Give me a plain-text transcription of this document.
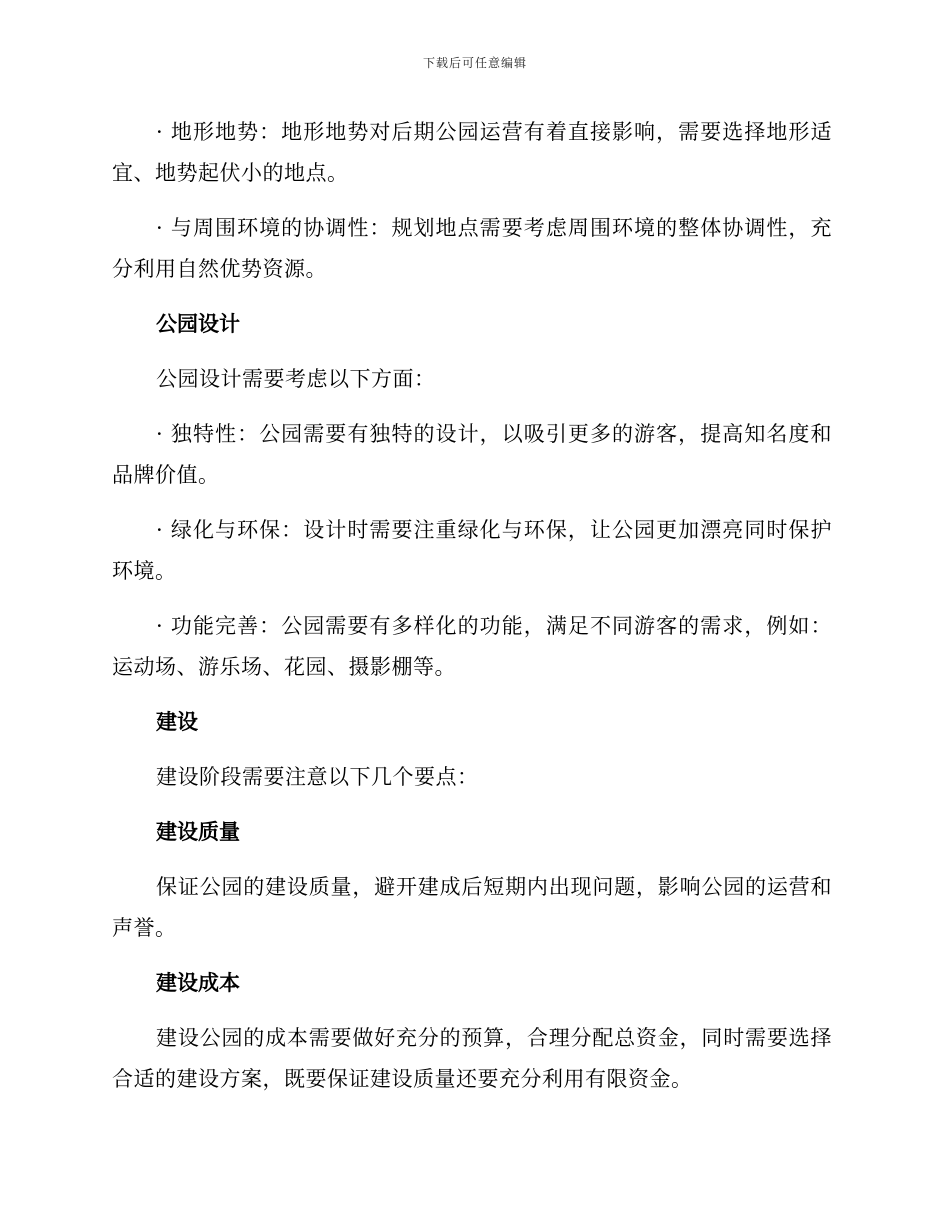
下载后可任意编辑

· 地形地势：地形地势对后期公园运营有着直接影响，需要选择地形适宜、地势起伏小的地点。

· 与周围环境的协调性：规划地点需要考虑周围环境的整体协调性，充分利用自然优势资源。

公园设计

公园设计需要考虑以下方面：

· 独特性：公园需要有独特的设计，以吸引更多的游客，提高知名度和品牌价值。

· 绿化与环保：设计时需要注重绿化与环保，让公园更加漂亮同时保护环境。

· 功能完善：公园需要有多样化的功能，满足不同游客的需求，例如：运动场、游乐场、花园、摄影棚等。

建设

建设阶段需要注意以下几个要点：

建设质量

保证公园的建设质量，避开建成后短期内出现问题，影响公园的运营和声誉。

建设成本

建设公园的成本需要做好充分的预算，合理分配总资金，同时需要选择合适的建设方案，既要保证建设质量还要充分利用有限资金。
